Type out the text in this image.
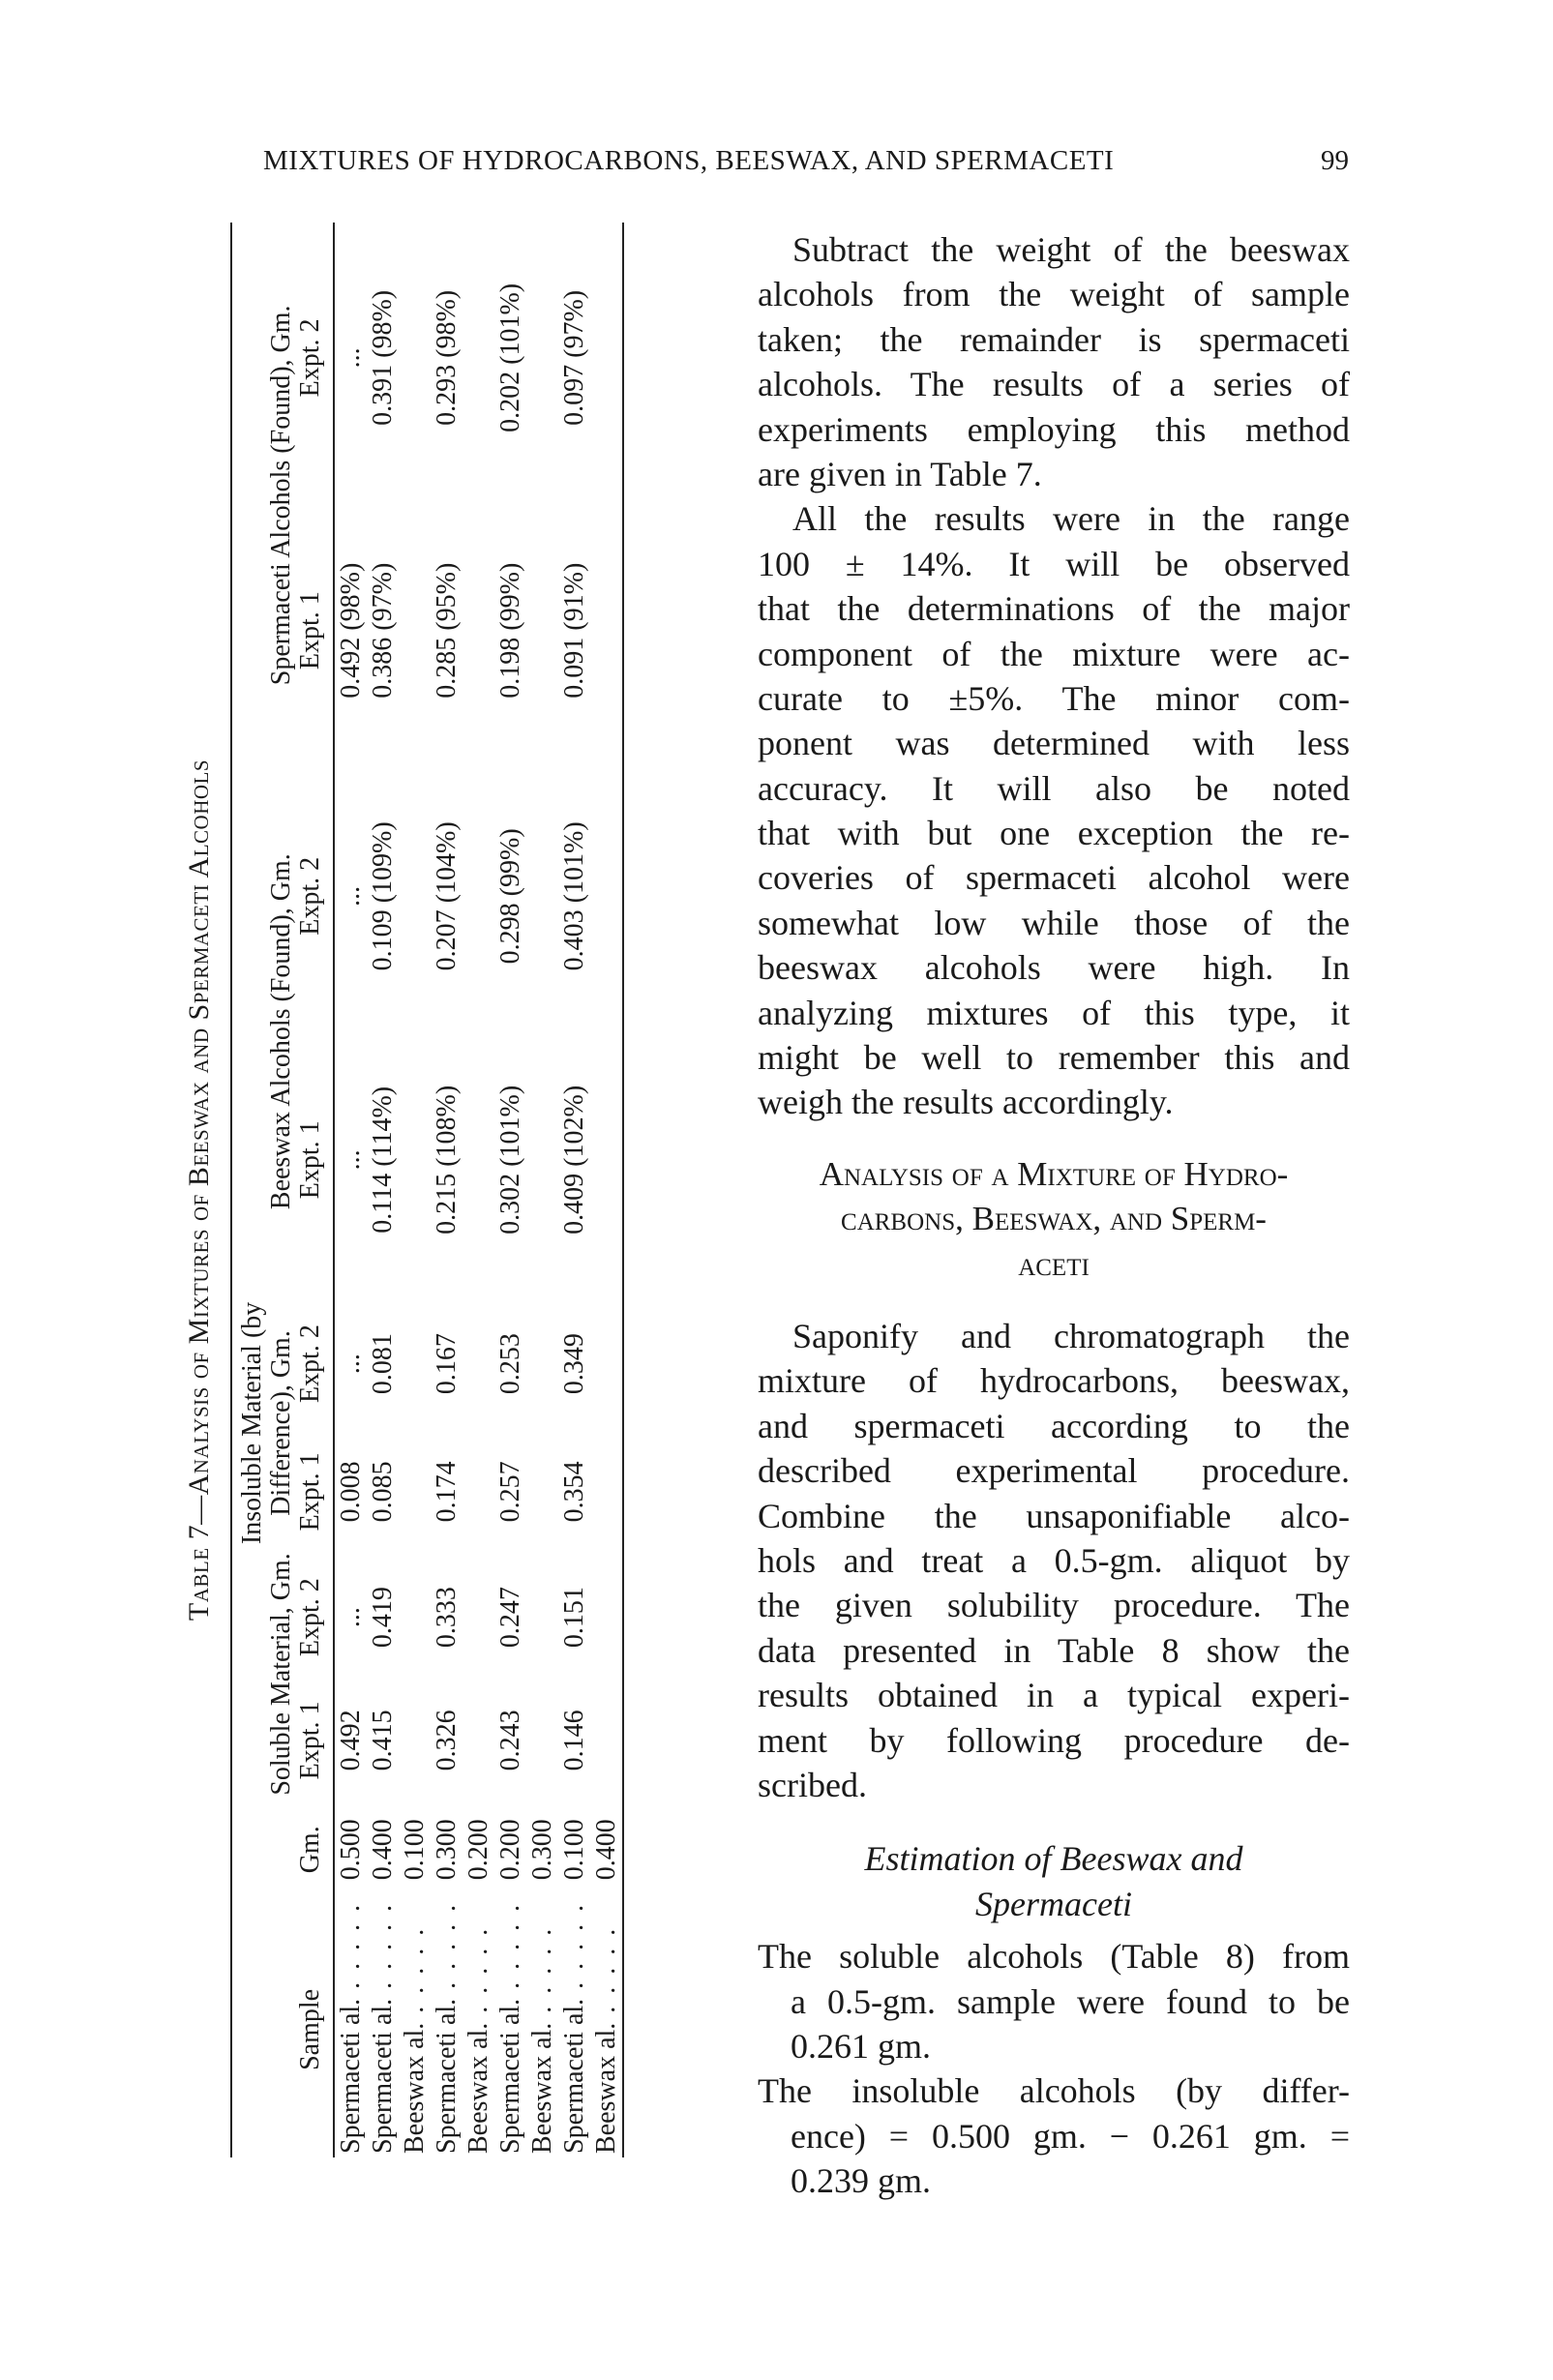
MIXTURES OF HYDROCARBONS, BEESWAX, AND SPERMACETI	99
Table 7—Analysis of Mixtures of Beeswax and Spermaceti Alcohols
Sample	Gm.	Soluble Material, Gm.		Insoluble Material (by Difference), Gm.		Beeswax Alcohols (Found), Gm.		Spermaceti Alcohols (Found), Gm.	
		Expt. 1	Expt. 2	Expt. 1	Expt. 2	Expt. 1	Expt. 2	Expt. 1	Expt. 2
Spermaceti al. . . . . .	0.500	0.492	...	0.008	...	...	...	0.492 (98%)	...
Spermaceti al. . . . . .	0.400	0.415	0.419	0.085	0.081	0.114 (114%)	0.109 (109%)	0.386 (97%)	0.391 (98%)
Beeswax al. . . . . .	0.100								
Spermaceti al. . . . . .	0.300	0.326	0.333	0.174	0.167	0.215 (108%)	0.207 (104%)	0.285 (95%)	0.293 (98%)
Beeswax al. . . . . .	0.200								
Spermaceti al. . . . . .	0.200	0.243	0.247	0.257	0.253	0.302 (101%)	0.298 (99%)	0.198 (99%)	0.202 (101%)
Beeswax al. . . . . .	0.300								
Spermaceti al. . . . . .	0.100	0.146	0.151	0.354	0.349	0.409 (102%)	0.403 (101%)	0.091 (91%)	0.097 (97%)
Beeswax al. . . . . .	0.400								
Subtract the weight of the beeswax
alcohols from the weight of sample
taken; the remainder is spermaceti
alcohols. The results of a series of
experiments employing this method
are given in Table 7.
All the results were in the range
100 ± 14%. It will be observed
that the determinations of the major
component of the mixture were ac-
curate to ±5%. The minor com-
ponent was determined with less
accuracy. It will also be noted
that with but one exception the re-
coveries of spermaceti alcohol were
somewhat low while those of the
beeswax alcohols were high. In
analyzing mixtures of this type, it
might be well to remember this and
weigh the results accordingly.
Analysis of a Mixture of Hydro-
carbons, Beeswax, and Sperm-
aceti
Saponify and chromatograph the
mixture of hydrocarbons, beeswax,
and spermaceti according to the
described experimental procedure.
Combine the unsaponifiable alco-
hols and treat a 0.5-gm. aliquot by
the given solubility procedure. The
data presented in Table 8 show the
results obtained in a typical experi-
ment by following procedure de-
scribed.
Estimation of Beeswax and
Spermaceti
The soluble alcohols (Table 8) from
a 0.5-gm. sample were found to be
0.261 gm.
The insoluble alcohols (by differ-
ence) = 0.500 gm. − 0.261 gm. =
0.239 gm.
